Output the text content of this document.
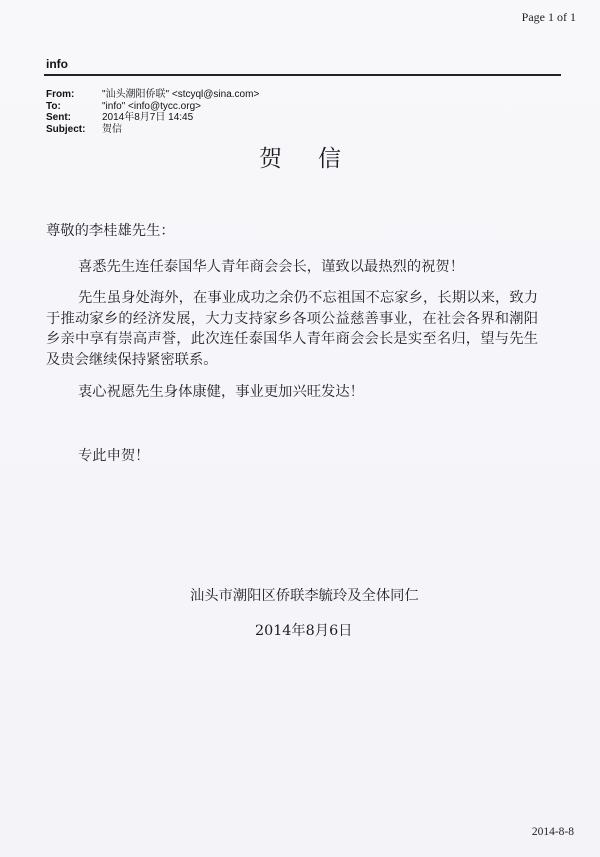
Page 1 of 1
info
From:	"汕头潮阳侨联" <stcyql@sina.com>
To:	"info" <info@tycc.org>
Sent:	2014年8月7日 14:45
Subject:	贺信
贺信
尊敬的李桂雄先生：
喜悉先生连任泰国华人青年商会会长，谨致以最热烈的祝贺！
先生虽身处海外，在事业成功之余仍不忘祖国不忘家乡，长期以来，致力于推动家乡的经济发展，大力支持家乡各项公益慈善事业，在社会各界和潮阳乡亲中享有崇高声誉，此次连任泰国华人青年商会会长是实至名归，望与先生及贵会继续保持紧密联系。
衷心祝愿先生身体康健，事业更加兴旺发达！
专此申贺！
汕头市潮阳区侨联李毓玲及全体同仁
2014年8月6日
2014-8-8
